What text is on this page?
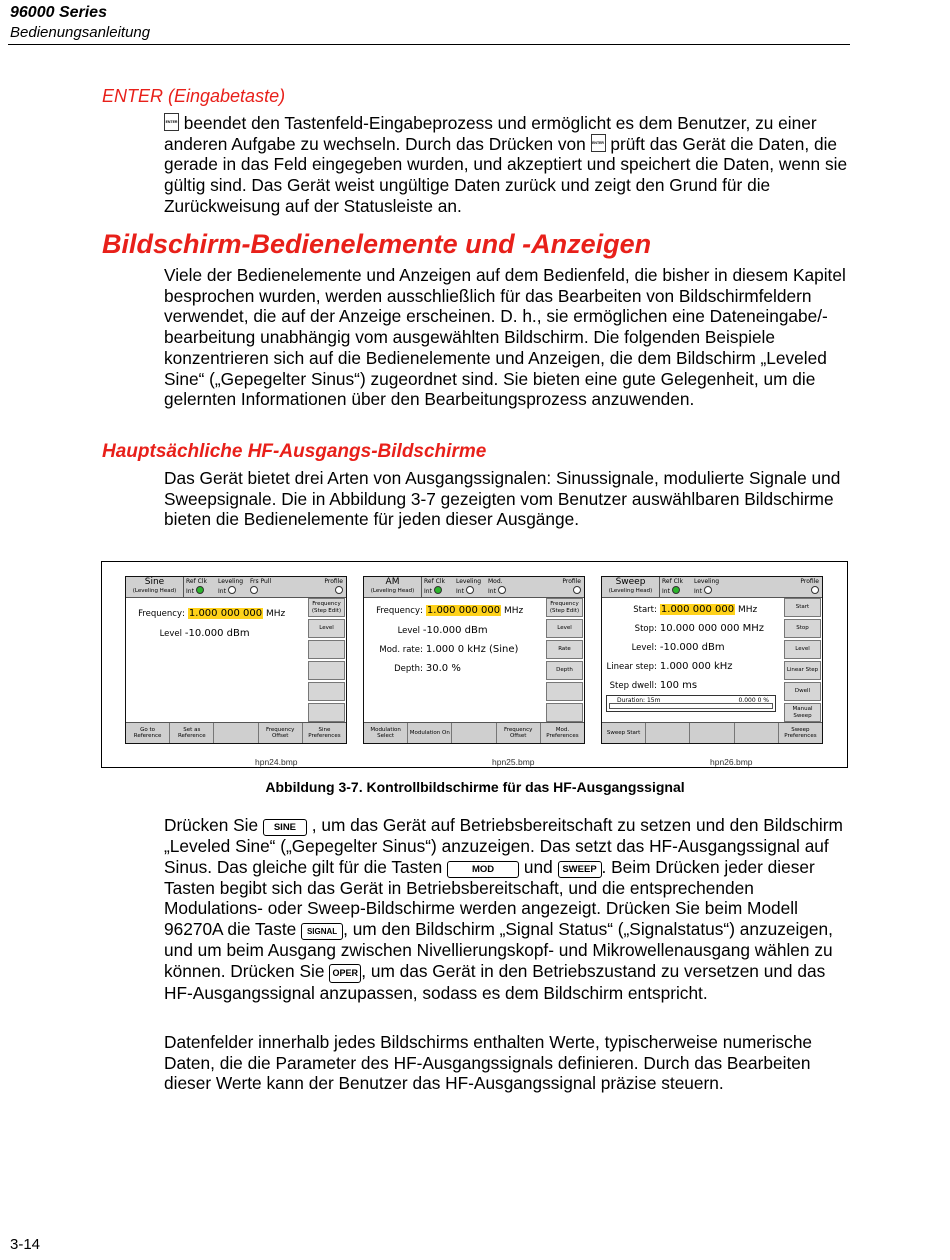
96000 Series
Bedienungsanleitung
ENTER (Eingabetaste)
ENTER beendet den Tastenfeld-Eingabeprozess und ermöglicht es dem Benutzer, zu einer anderen Aufgabe zu wechseln. Durch das Drücken von ENTER prüft das Gerät die Daten, die gerade in das Feld eingegeben wurden, und akzeptiert und speichert die Daten, wenn sie gültig sind. Das Gerät weist ungültige Daten zurück und zeigt den Grund für die Zurückweisung auf der Statusleiste an.
Bildschirm-Bedienelemente und -Anzeigen
Viele der Bedienelemente und Anzeigen auf dem Bedienfeld, die bisher in diesem Kapitel besprochen wurden, werden ausschließlich für das Bearbeiten von Bildschirmfeldern verwendet, die auf der Anzeige erscheinen. D. h., sie ermöglichen eine Dateneingabe/-bearbeitung unabhängig vom ausgewählten Bildschirm. Die folgenden Beispiele konzentrieren sich auf die Bedienelemente und Anzeigen, die dem Bildschirm „Leveled Sine“ („Gepegelter Sinus“) zugeordnet sind. Sie bieten eine gute Gelegenheit, um die gelernten Informationen über den Bearbeitungsprozess anzuwenden.
Hauptsächliche HF-Ausgangs-Bildschirme
Das Gerät bietet drei Arten von Ausgangssignalen: Sinussignale, modulierte Signale und Sweepsignale. Die in Abbildung 3-7 gezeigten vom Benutzer auswählbaren Bildschirme bieten die Bedienelemente für jeden dieser Ausgänge.
Sine
(Leveling Head)
Ref Clk
Int
Leveling
Int
Frs Pull	Profile

Frequency: 1.000 000 000 MHz
Level -10.000 dBm
Frequency (Step Edit)
Level
Go to Reference
Set as Reference
Frequency Offset
Sine Preferences
AM
(Leveling Head)
Ref Clk
Int
Leveling
Int
Mod.
Int
Profile

Frequency: 1.000 000 000 MHz
Level -10.000 dBm
Mod. rate: 1.000 0 kHz (Sine)
Depth: 30.0 %
Frequency (Step Edit)
Level
Rate
Depth
Modulation Select
Modulation On
Frequency Offset
Mod. Preferences
Sweep
(Leveling Head)
Ref Clk
Int
Leveling
Int
Profile

Start: 1.000 000 000 MHz
Stop: 10.000 000 000 MHz
Level: -10.000 dBm
Linear step: 1.000 000 kHz
Step dwell: 100 ms
Duration: 15m	0.000 0 %
Start
Stop
Level
Linear Step
Dwell
Manual Sweep
Sweep Start
Sweep Preferences
hpn24.bmp	hpn25.bmp	hpn26.bmp
Abbildung 3-7. Kontrollbildschirme für das HF-Ausgangssignal
Drücken Sie SINE , um das Gerät auf Betriebsbereitschaft zu setzen und den Bildschirm „Leveled Sine“ („Gepegelter Sinus“) anzuzeigen. Das setzt das HF-Ausgangssignal auf Sinus. Das gleiche gilt für die Tasten	MOD und SWEEP . Beim Drücken jeder dieser Tasten begibt sich das Gerät in Betriebsbereitschaft, und die entsprechenden Modulations- oder Sweep-Bildschirme werden angezeigt. Drücken Sie beim Modell 96270A die Taste SIGNAL , um den Bildschirm „Signal Status“ („Signalstatus“) anzuzeigen, und um beim Ausgang zwischen Nivellierungskopf- und Mikrowellenausgang wählen zu können. Drücken Sie OPER , um das Gerät in den Betriebszustand zu versetzen und das HF-Ausgangssignal anzupassen, sodass es dem Bildschirm entspricht.
Datenfelder innerhalb jedes Bildschirms enthalten Werte, typischerweise numerische Daten, die die Parameter des HF-Ausgangssignals definieren. Durch das Bearbeiten dieser Werte kann der Benutzer das HF-Ausgangssignal präzise steuern.
3-14
